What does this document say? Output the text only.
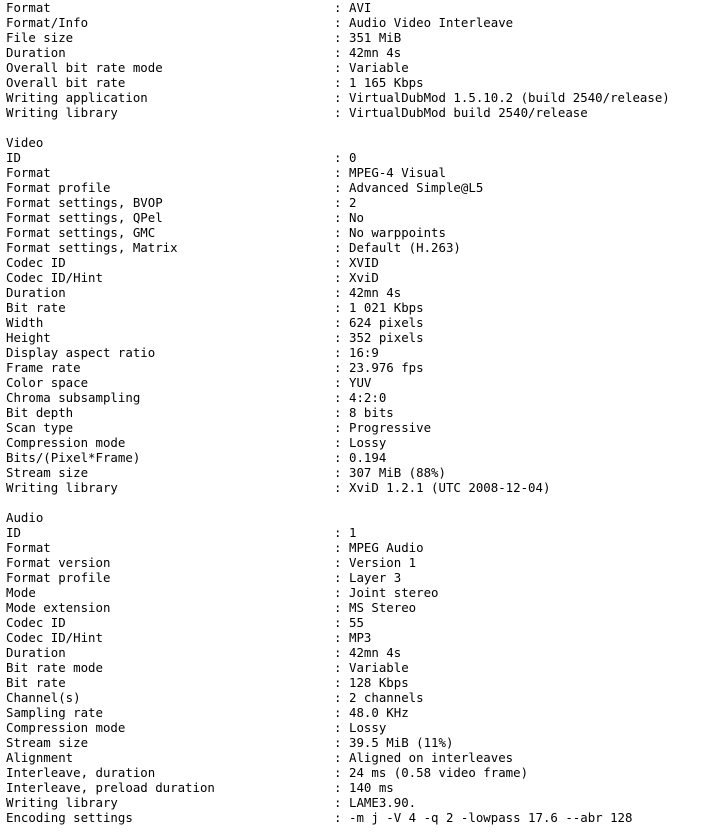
Format	: AVI
Format/Info	: Audio Video Interleave
File size	: 351 MiB
Duration	: 42mn 4s
Overall bit rate mode	: Variable
Overall bit rate	: 1 165 Kbps
Writing application	: VirtualDubMod 1.5.10.2 (build 2540/release)
Writing library	: VirtualDubMod build 2540/release
Video
ID	: 0
Format	: MPEG-4 Visual
Format profile	: Advanced Simple@L5
Format settings, BVOP	: 2
Format settings, QPel	: No
Format settings, GMC	: No warppoints
Format settings, Matrix	: Default (H.263)
Codec ID	: XVID
Codec ID/Hint	: XviD
Duration	: 42mn 4s
Bit rate	: 1 021 Kbps
Width	: 624 pixels
Height	: 352 pixels
Display aspect ratio	: 16:9
Frame rate	: 23.976 fps
Color space	: YUV
Chroma subsampling	: 4:2:0
Bit depth	: 8 bits
Scan type	: Progressive
Compression mode	: Lossy
Bits/(Pixel*Frame)	: 0.194
Stream size	: 307 MiB (88%)
Writing library	: XviD 1.2.1 (UTC 2008-12-04)
Audio
ID	: 1
Format	: MPEG Audio
Format version	: Version 1
Format profile	: Layer 3
Mode	: Joint stereo
Mode extension	: MS Stereo
Codec ID	: 55
Codec ID/Hint	: MP3
Duration	: 42mn 4s
Bit rate mode	: Variable
Bit rate	: 128 Kbps
Channel(s)	: 2 channels
Sampling rate	: 48.0 KHz
Compression mode	: Lossy
Stream size	: 39.5 MiB (11%)
Alignment	: Aligned on interleaves
Interleave, duration	: 24 ms (0.58 video frame)
Interleave, preload duration	: 140 ms
Writing library	: LAME3.90.
Encoding settings	: -m j -V 4 -q 2 -lowpass 17.6 --abr 128
